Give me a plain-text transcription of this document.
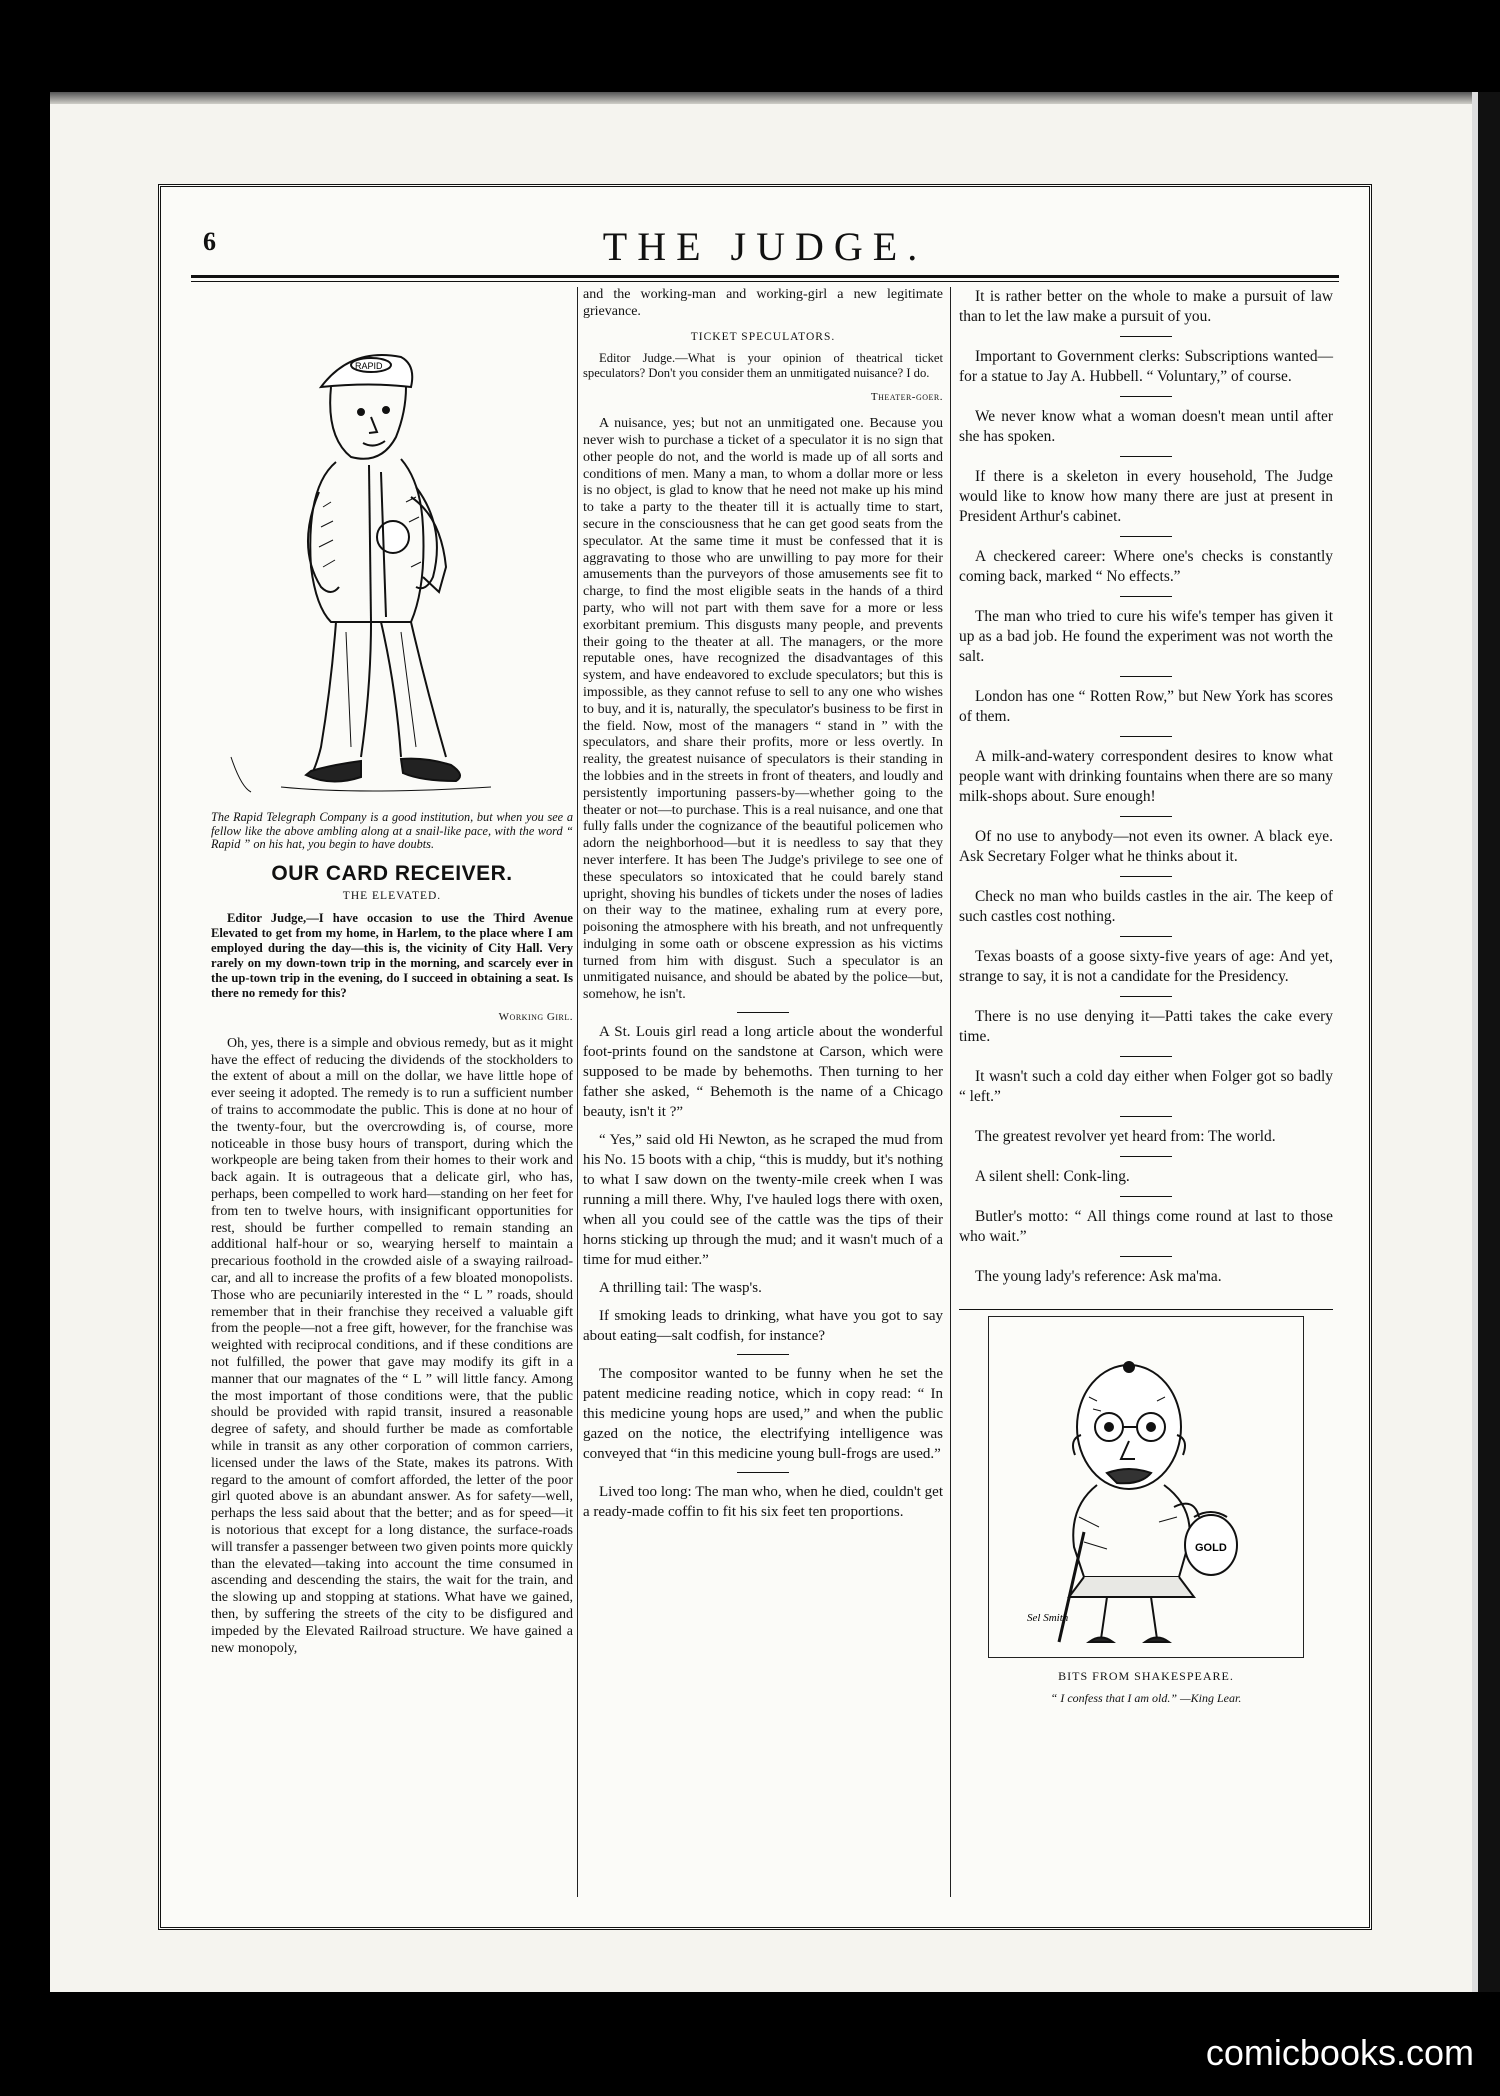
6	THE JUDGE.
RAPID
The Rapid Telegraph Company is a good institution, but when you see a fellow like the above ambling along at a snail-like pace, with the word “ Rapid ” on his hat, you begin to have doubts.
OUR CARD RECEIVER.
THE ELEVATED.

Editor Judge,—I have occasion to use the Third Avenue Elevated to get from my home, in Harlem, to the place where I am employed during the day—this is, the vicinity of City Hall. Very rarely on my down-town trip in the morning, and scarcely ever in the up-town trip in the evening, do I succeed in obtaining a seat. Is there no remedy for this?

Working Girl.

Oh, yes, there is a simple and obvious remedy, but as it might have the effect of reducing the dividends of the stockholders to the extent of about a mill on the dollar, we have little hope of ever seeing it adopted. The remedy is to run a sufficient number of trains to accommodate the public. This is done at no hour of the twenty-four, but the overcrowding is, of course, more noticeable in those busy hours of transport, during which the workpeople are being taken from their homes to their work and back again. It is outrageous that a delicate girl, who has, perhaps, been compelled to work hard—standing on her feet for from ten to twelve hours, with insignificant opportunities for rest, should be further compelled to remain standing an additional half-hour or so, wearying herself to maintain a precarious foothold in the crowded aisle of a swaying railroad-car, and all to increase the profits of a few bloated monopolists. Those who are pecuniarily interested in the “ L ” roads, should remember that in their franchise they received a valuable gift from the people—not a free gift, however, for the franchise was weighted with reciprocal conditions, and if these conditions are not fulfilled, the power that gave may modify its gift in a manner that our magnates of the “ L ” will little fancy. Among the most important of those conditions were, that the public should be provided with rapid transit, insured a reasonable degree of safety, and should further be made as comfortable while in transit as any other corporation of common carriers, licensed under the laws of the State, makes its patrons. With regard to the amount of comfort afforded, the letter of the poor girl quoted above is an abundant answer. As for safety—well, perhaps the less said about that the better; and as for speed—it is notorious that except for a long distance, the surface-roads will transfer a passenger between two given points more quickly than the elevated—taking into account the time consumed in ascending and descending the stairs, the wait for the train, and the slowing up and stopping at stations. What have we gained, then, by suffering the streets of the city to be disfigured and impeded by the Elevated Railroad structure. We have gained a new monopoly,

and the working-man and working-girl a new legitimate grievance.

TICKET SPECULATORS.

Editor Judge.—What is your opinion of theatrical ticket speculators? Don't you consider them an unmitigated nuisance? I do.

Theater-goer.

A nuisance, yes; but not an unmitigated one. Because you never wish to purchase a ticket of a speculator it is no sign that other people do not, and the world is made up of all sorts and conditions of men. Many a man, to whom a dollar more or less is no object, is glad to know that he need not make up his mind to take a party to the theater till it is actually time to start, secure in the consciousness that he can get good seats from the speculator. At the same time it must be confessed that it is aggravating to those who are unwilling to pay more for their amusements than the purveyors of those amusements see fit to charge, to find the most eligible seats in the hands of a third party, who will not part with them save for a more or less exorbitant premium. This disgusts many people, and prevents their going to the theater at all. The managers, or the more reputable ones, have recognized the disadvantages of this system, and have endeavored to exclude speculators; but this is impossible, as they cannot refuse to sell to any one who wishes to buy, and it is, naturally, the speculator's business to be first in the field. Now, most of the managers “ stand in ” with the speculators, and share their profits, more or less overtly. In reality, the greatest nuisance of speculators is their standing in the lobbies and in the streets in front of theaters, and loudly and persistently importuning passers-by—whether going to the theater or not—to purchase. This is a real nuisance, and one that fully falls under the cognizance of the beautiful policemen who adorn the neighborhood—but it is needless to say that they never interfere. It has been The Judge's privilege to see one of these speculators so intoxicated that he could barely stand upright, shoving his bundles of tickets under the noses of ladies on their way to the matinee, exhaling rum at every pore, poisoning the atmosphere with his breath, and not unfrequently indulging in some oath or obscene expression as his victims turned from him with disgust. Such a speculator is an unmitigated nuisance, and should be abated by the police—but, somehow, he isn't.

A St. Louis girl read a long article about the wonderful foot-prints found on the sandstone at Carson, which were supposed to be made by behemoths. Then turning to her father she asked, “ Behemoth is the name of a Chicago beauty, isn't it ?”

“ Yes,” said old Hi Newton, as he scraped the mud from his No. 15 boots with a chip, “this is muddy, but it's nothing to what I saw down on the twenty-mile creek when I was running a mill there. Why, I've hauled logs there with oxen, when all you could see of the cattle was the tips of their horns sticking up through the mud; and it wasn't much of a time for mud either.”

A thrilling tail: The wasp's.

If smoking leads to drinking, what have you got to say about eating—salt codfish, for instance?

The compositor wanted to be funny when he set the patent medicine reading notice, which in copy read: “ In this medicine young hops are used,” and when the public gazed on the notice, the electrifying intelligence was conveyed that “in this medicine young bull-frogs are used.”

Lived too long: The man who, when he died, couldn't get a ready-made coffin to fit his six feet ten proportions.

It is rather better on the whole to make a pursuit of law than to let the law make a pursuit of you.

Important to Government clerks: Subscriptions wanted—for a statue to Jay A. Hubbell. “ Voluntary,” of course.

We never know what a woman doesn't mean until after she has spoken.

If there is a skeleton in every household, The Judge would like to know how many there are just at present in President Arthur's cabinet.

A checkered career: Where one's checks is constantly coming back, marked “ No effects.”

The man who tried to cure his wife's temper has given it up as a bad job. He found the experiment was not worth the salt.

London has one “ Rotten Row,” but New York has scores of them.

A milk-and-watery correspondent desires to know what people want with drinking fountains when there are so many milk-shops about. Sure enough!

Of no use to anybody—not even its owner. A black eye. Ask Secretary Folger what he thinks about it.

Check no man who builds castles in the air. The keep of such castles cost nothing.

Texas boasts of a goose sixty-five years of age: And yet, strange to say, it is not a candidate for the Presidency.

There is no use denying it—Patti takes the cake every time.

It wasn't such a cold day either when Folger got so badly “ left.”

The greatest revolver yet heard from: The world.

A silent shell: Conk-ling.

Butler's motto: “ All things come round at last to those who wait.”

The young lady's reference: Ask ma'ma.

GOLD
Sel Smith
BITS FROM SHAKESPEARE.
“ I confess that I am old.” —King Lear.
comicbooks.com
